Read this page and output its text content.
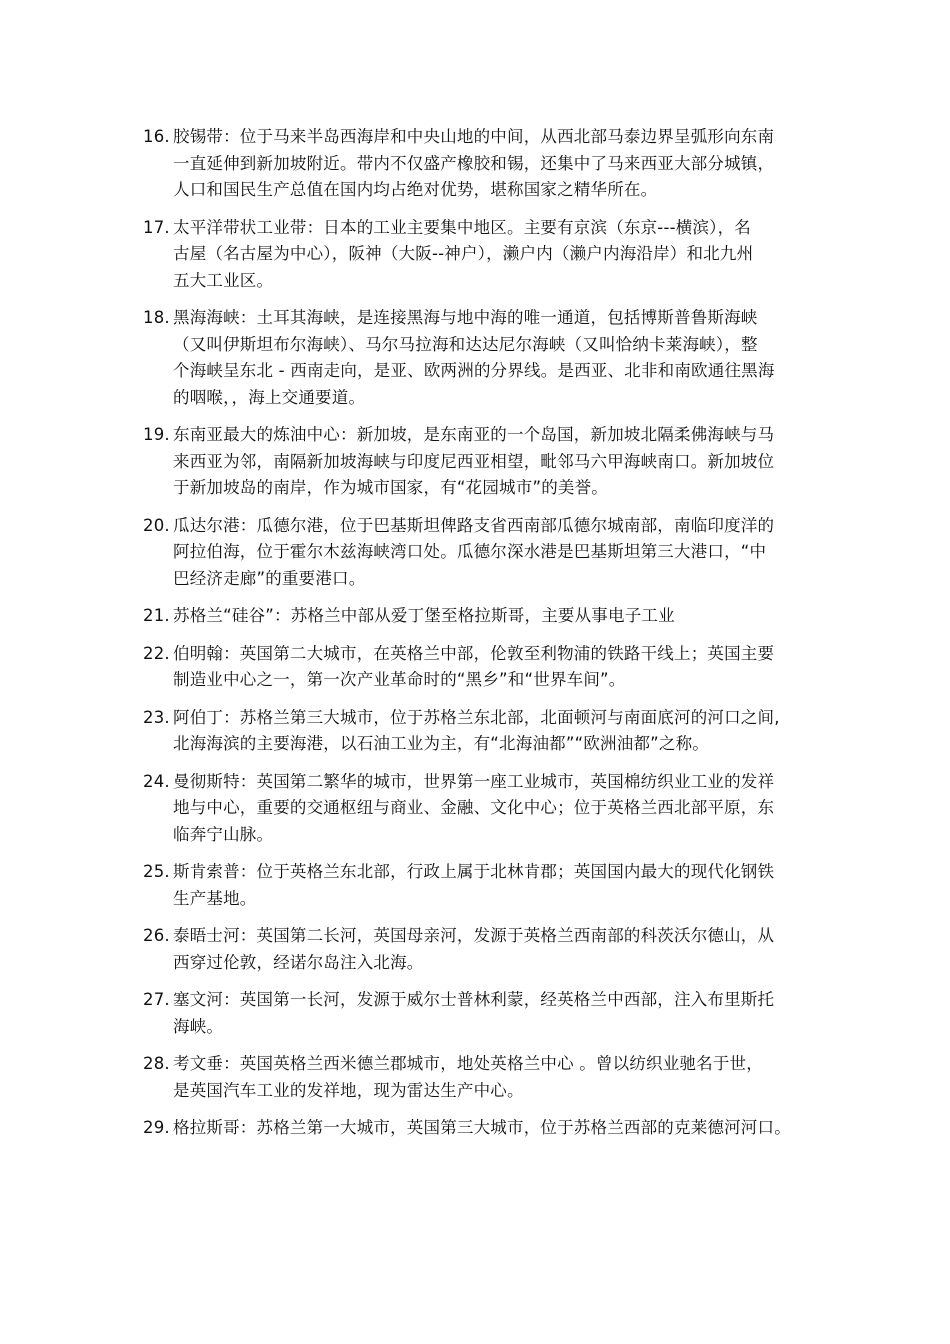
16. 胶锡带：位于马来半岛西海岸和中央山地的中间，从西北部马泰边界呈弧形向东南
一直延伸到新加坡附近。带内不仅盛产橡胶和锡，还集中了马来西亚大部分城镇，
人口和国民生产总值在国内均占绝对优势，堪称国家之精华所在。
17. 太平洋带状工业带：日本的工业主要集中地区。主要有京滨（东京---横滨），名
古屋（名古屋为中心），阪神（大阪--神户），濑户内（濑户内海沿岸）和北九州
五大工业区。
18. 黑海海峡：土耳其海峡，是连接黑海与地中海的唯一通道，包括博斯普鲁斯海峡
（又叫伊斯坦布尔海峡）、马尔马拉海和达达尼尔海峡（又叫恰纳卡莱海峡），整
个海峡呈东北 - 西南走向，是亚、欧两洲的分界线。是西亚、北非和南欧通往黑海
的咽喉，，海上交通要道。
19. 东南亚最大的炼油中心：新加坡，是东南亚的一个岛国，新加坡北隔柔佛海峡与马
来西亚为邻，南隔新加坡海峡与印度尼西亚相望，毗邻马六甲海峡南口。新加坡位
于新加坡岛的南岸，作为城市国家，有“花园城市”的美誉。
20. 瓜达尔港：瓜德尔港，位于巴基斯坦俾路支省西南部瓜德尔城南部，南临印度洋的
阿拉伯海，位于霍尔木兹海峡湾口处。瓜德尔深水港是巴基斯坦第三大港口，“中
巴经济走廊”的重要港口。
21. 苏格兰“硅谷”：苏格兰中部从爱丁堡至格拉斯哥，主要从事电子工业
22. 伯明翰：英国第二大城市，在英格兰中部，伦敦至利物浦的铁路干线上；英国主要
制造业中心之一，第一次产业革命时的“黑乡”和“世界车间”。
23. 阿伯丁：苏格兰第三大城市，位于苏格兰东北部，北面顿河与南面底河的河口之间,
北海海滨的主要海港，以石油工业为主，有“北海油都”“欧洲油都”之称。
24. 曼彻斯特：英国第二繁华的城市，世界第一座工业城市，英国棉纺织业工业的发祥
地与中心，重要的交通枢纽与商业、金融、文化中心；位于英格兰西北部平原，东
临奔宁山脉。
25. 斯肯索普：位于英格兰东北部，行政上属于北林肯郡；英国国内最大的现代化钢铁
生产基地。
26. 泰晤士河：英国第二长河，英国母亲河，发源于英格兰西南部的科茨沃尔德山，从
西穿过伦敦，经诺尔岛注入北海。
27. 塞文河：英国第一长河，发源于威尔士普林利蒙，经英格兰中西部，注入布里斯托
海峡。
28. 考文垂：英国英格兰西米德兰郡城市，地处英格兰中心 。曾以纺织业驰名于世，
是英国汽车工业的发祥地，现为雷达生产中心。
29. 格拉斯哥：苏格兰第一大城市，英国第三大城市，位于苏格兰西部的克莱德河河口。
